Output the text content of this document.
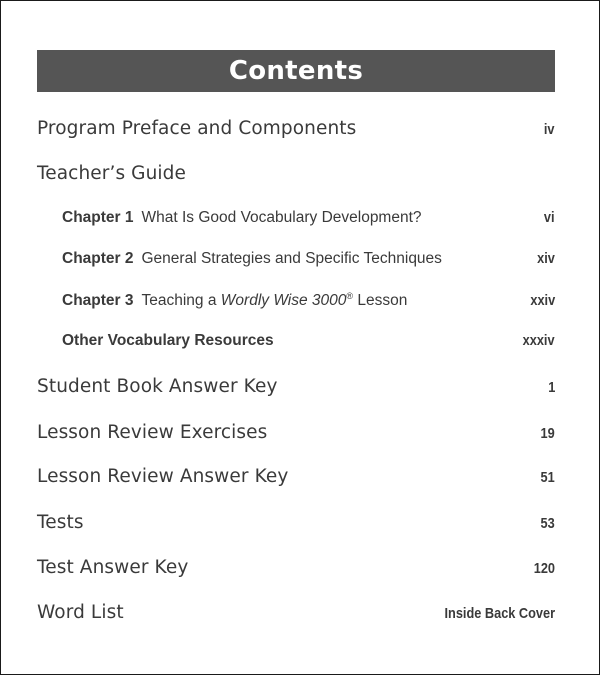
Contents
Program Preface and Components	iv
Teacher’s Guide
Chapter 1 What Is Good Vocabulary Development?	vi
Chapter 2 General Strategies and Specific Techniques	xiv
Chapter 3 Teaching a Wordly Wise 3000® Lesson	xxiv
Other Vocabulary Resources	xxxiv
Student Book Answer Key	1
Lesson Review Exercises	19
Lesson Review Answer Key	51
Tests	53
Test Answer Key	120
Word List	Inside Back Cover
